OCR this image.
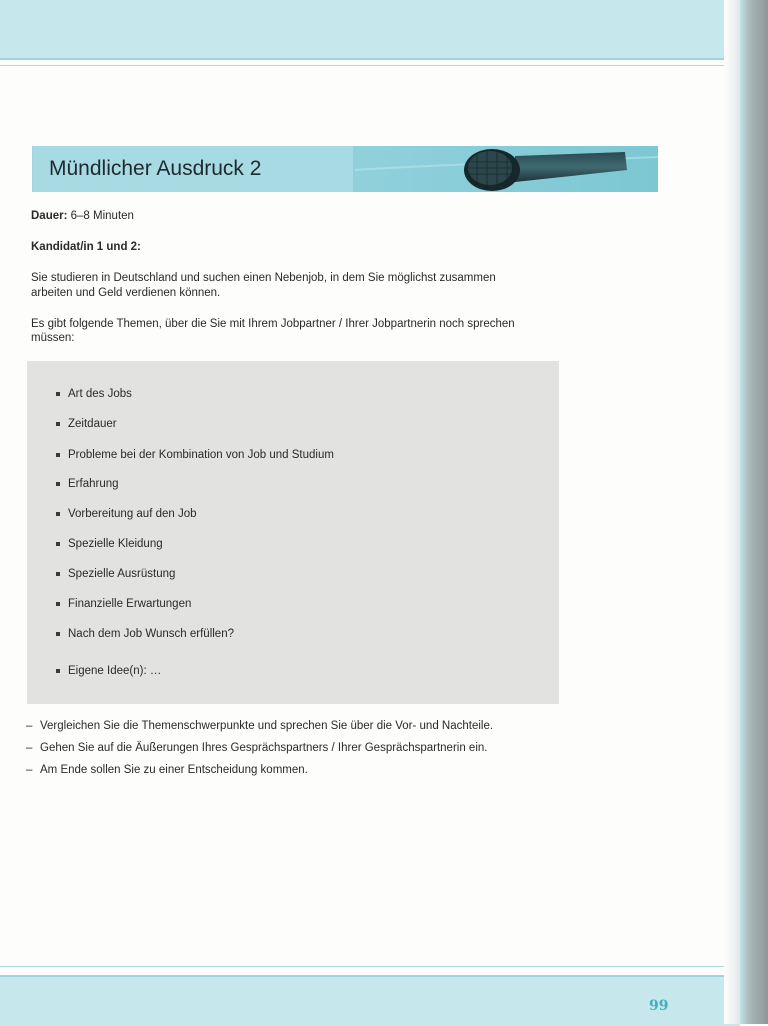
Mündlicher Ausdruck 2
Dauer: 6–8 Minuten
Kandidat/in 1 und 2:
Sie studieren in Deutschland und suchen einen Nebenjob, in dem Sie möglichst zusammen
arbeiten und Geld verdienen können.
Es gibt folgende Themen, über die Sie mit Ihrem Jobpartner / Ihrer Jobpartnerin noch sprechen
müssen:
Art des Jobs
Zeitdauer
Probleme bei der Kombination von Job und Studium
Erfahrung
Vorbereitung auf den Job
Spezielle Kleidung
Spezielle Ausrüstung
Finanzielle Erwartungen
Nach dem Job Wunsch erfüllen?
Eigene Idee(n): …
– Vergleichen Sie die Themenschwerpunkte und sprechen Sie über die Vor- und Nachteile.
– Gehen Sie auf die Äußerungen Ihres Gesprächspartners / Ihrer Gesprächspartnerin ein.
– Am Ende sollen Sie zu einer Entscheidung kommen.
99
